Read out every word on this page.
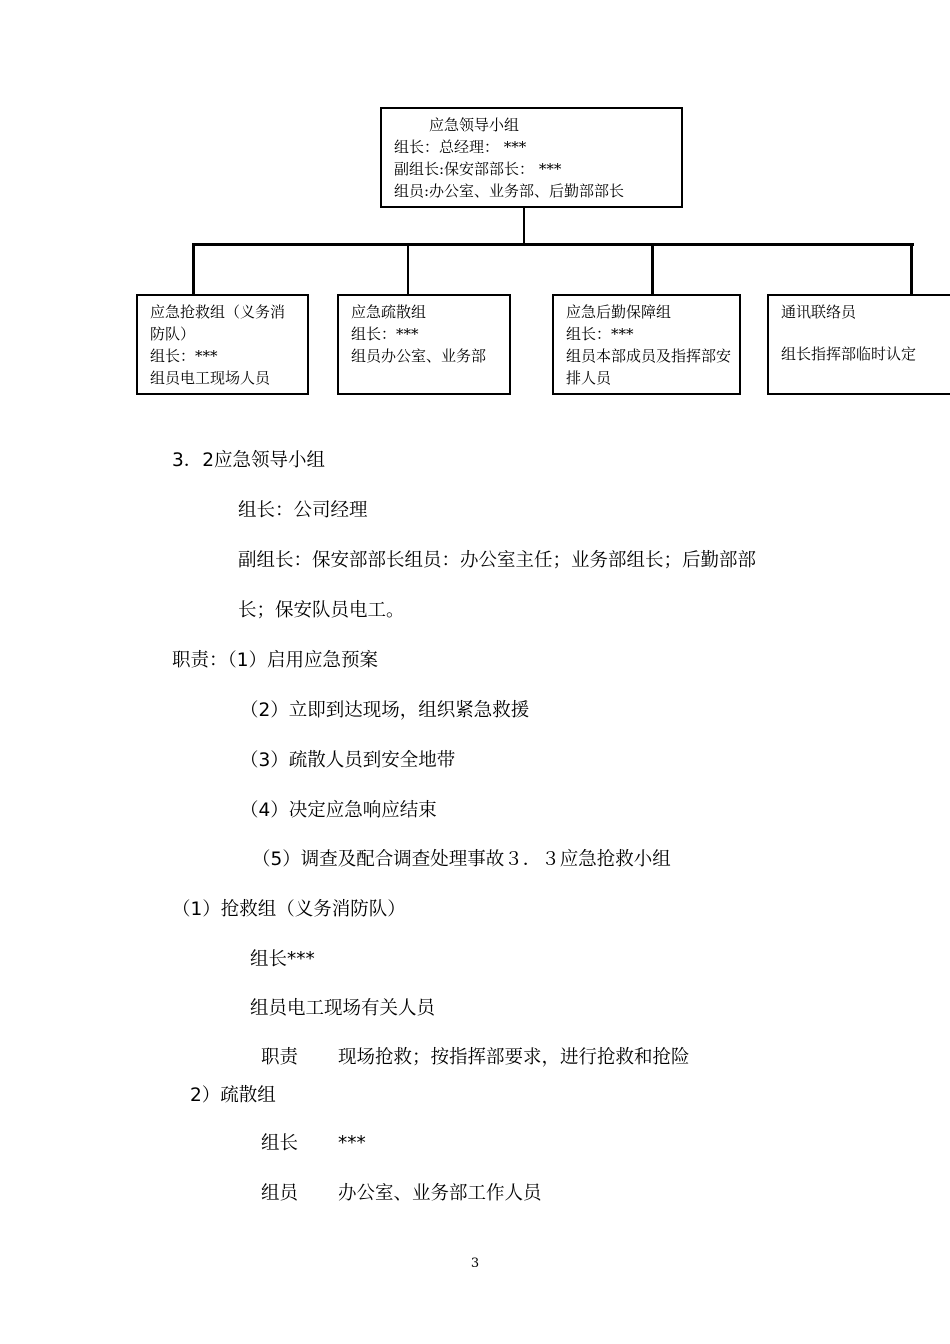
应急领导小组
组长：总经理： ***
副组长:保安部部长： ***
组员:办公室、业务部、后勤部部长
应急抢救组（义务消防队）
组长：***
组员电工现场人员
应急疏散组
组长：***
组员办公室、业务部
应急后勤保障组
组长：***
组员本部成员及指挥部安排人员
通讯联络员
组长指挥部临时认定
3．2应急领导小组
组长：公司经理
副组长：保安部部长组员：办公室主任；业务部组长；后勤部部
长；保安队员电工。
职责：（1）启用应急预案
（2）立即到达现场，组织紧急救援
（3）疏散人员到安全地带
（4）决定应急响应结束
（5）调查及配合调查处理事故３．３应急抢救小组
（1）抢救组（义务消防队）
组长***
组员电工现场有关人员
职责 现场抢救；按指挥部要求，进行抢救和抢险
2）疏散组
组长 ***
组员 办公室、业务部工作人员
3
